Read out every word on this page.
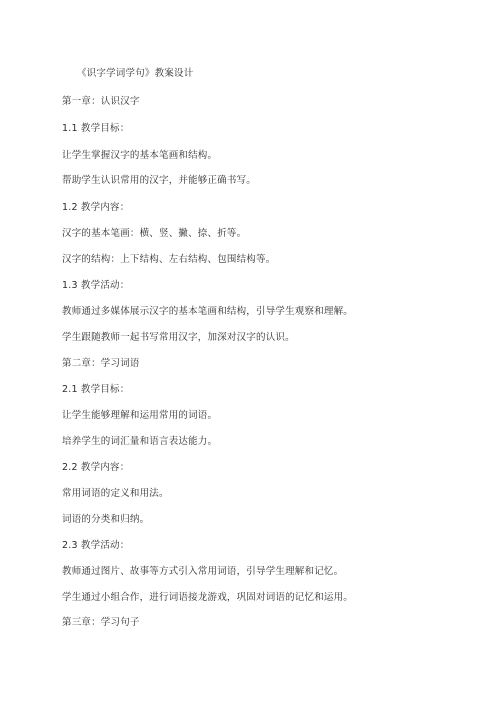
《识字学词学句》教案设计
第一章：认识汉字
1.1 教学目标：
让学生掌握汉字的基本笔画和结构。
帮助学生认识常用的汉字，并能够正确书写。
1.2 教学内容：
汉字的基本笔画：横、竖、撇、捺、折等。
汉字的结构：上下结构、左右结构、包围结构等。
1.3 教学活动：
教师通过多媒体展示汉字的基本笔画和结构，引导学生观察和理解。
学生跟随教师一起书写常用汉字，加深对汉字的认识。
第二章：学习词语
2.1 教学目标：
让学生能够理解和运用常用的词语。
培养学生的词汇量和语言表达能力。
2.2 教学内容：
常用词语的定义和用法。
词语的分类和归纳。
2.3 教学活动：
教师通过图片、故事等方式引入常用词语，引导学生理解和记忆。
学生通过小组合作，进行词语接龙游戏，巩固对词语的记忆和运用。
第三章：学习句子
